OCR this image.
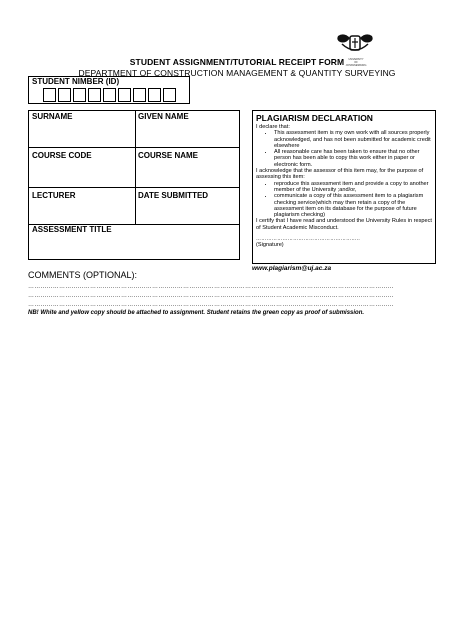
UNIVERSITY
OF
JOHANNESBURG
STUDENT ASSIGNMENT/TUTORIAL RECEIPT FORM
DEPARTMENT OF CONSTRUCTION MANAGEMENT & QUANTITY SURVEYING
STUDENT NIMBER (ID)
SURNAME	GIVEN NAME
COURSE CODE	COURSE NAME
LECTURER	DATE SUBMITTED
ASSESSMENT TITLE
PLAGIARISM DECLARATION

I declare that:

• This assessment item is my own work with all sources properly acknowledged, and has not been submitted for academic credit elsewhere
• All reasonable care has been taken to ensure that no other person has been able to copy this work either in paper or electronic form.

I acknowledge that the assessor of this item may, for the purpose of assessing this item:

• reproduce this assessment item and provide a copy to another member of the University ;and/or,
• communicate a copy of this assessment item to a plagiarism checking service(which may then retain a copy of the assessment item on its database for the purpose of future plagiarism checking)

I certify that I have read and understood the University Rules in respect of Student Academic Misconduct.

…………………………………………………..
(Signature)
www.plagiarism@uj.ac.za
COMMENTS (OPTIONAL):
……………………………………………………………………………………………………………………………………………………………
……………………………………………………………………………………………………………………………………………………………
……………………………………………………………………………………………………………………………………………………………
NB! White and yellow copy should be attached to assignment. Student retains the green copy as proof of submission.
